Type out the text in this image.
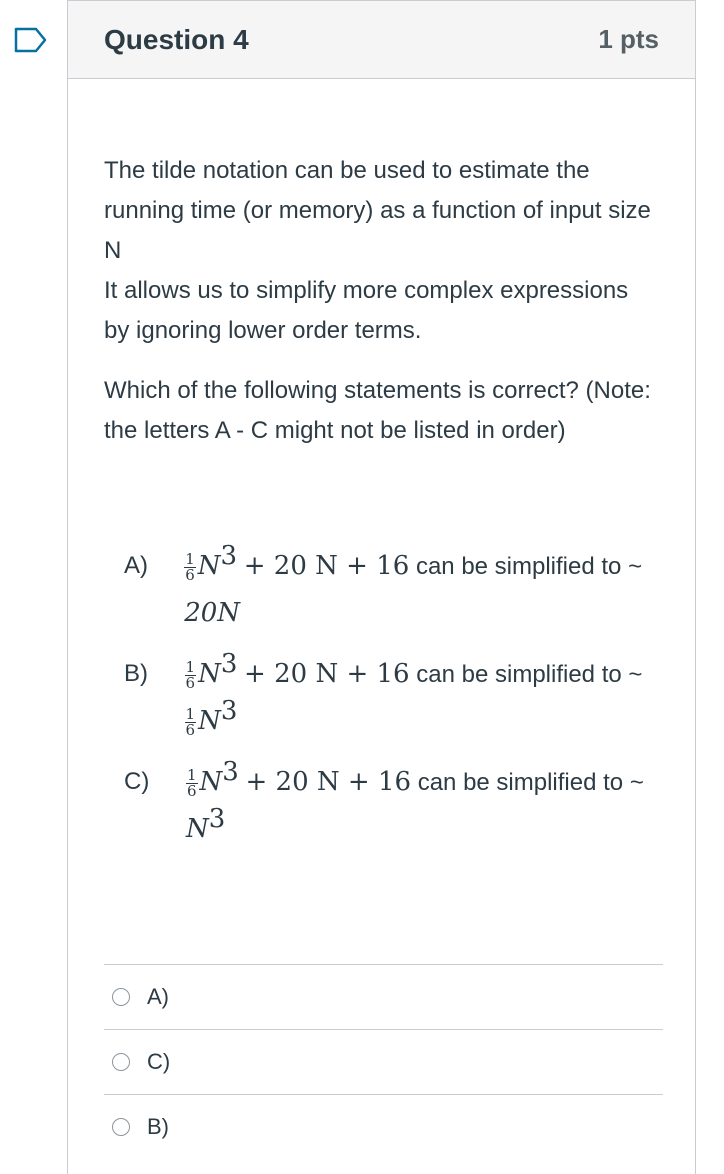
Question 4	1 pts

The tilde notation can be used to estimate the running time (or memory) as a function of input size N

It allows us to simplify more complex expressions by ignoring lower order terms.

Which of the following statements is correct? (Note: the letters A - C might not be listed in order)

A)	$\frac{1}{6} N^3 + 20$ N + 16 can be simplified to ~ 20N
B)	$\frac{1}{6} N^3 + 20$ N + 16 can be simplified to ~
$\frac{1}{6} N^3$
C)	$\frac{1}{6} N^3 + 20$ N + 16 can be simplified to ~ $N^3$
A)
C)
B)
